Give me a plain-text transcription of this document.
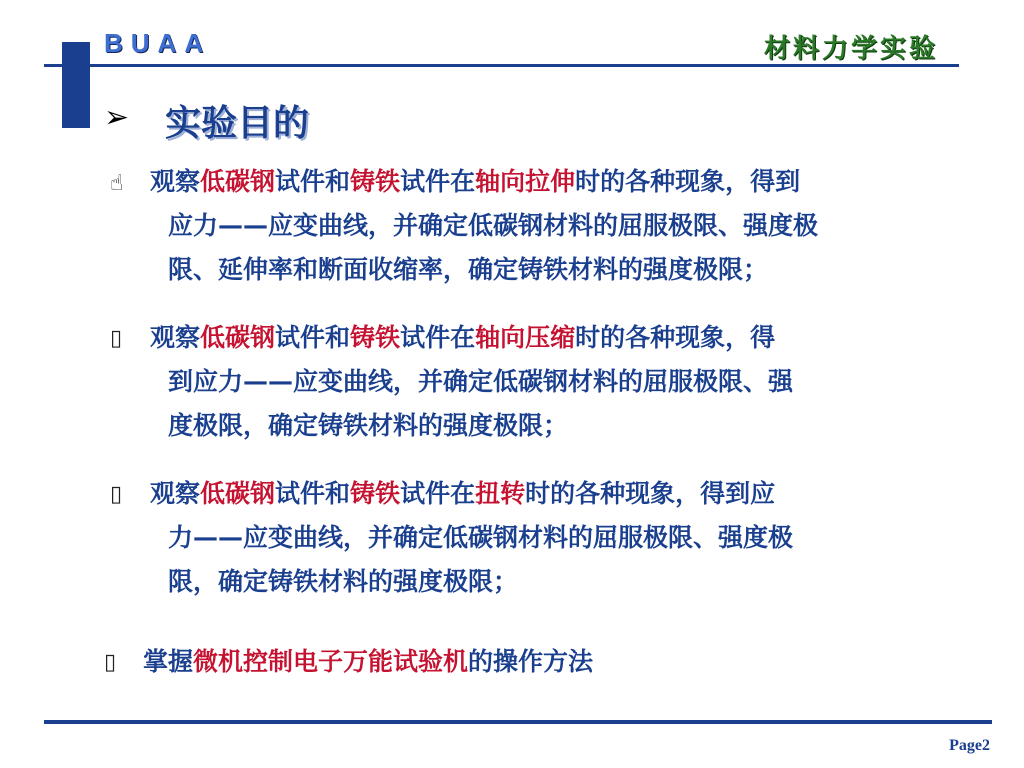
BUAA	材料力学实验
➢ 实验目的
☝ 观察低碳钢试件和铸铁试件在轴向拉伸时的各种现象，得到
应力——应变曲线，并确定低碳钢材料的屈服极限、强度极
限、延伸率和断面收缩率，确定铸铁材料的强度极限；
▯ 观察低碳钢试件和铸铁试件在轴向压缩时的各种现象，得
到应力——应变曲线，并确定低碳钢材料的屈服极限、强
度极限，确定铸铁材料的强度极限；
▯ 观察低碳钢试件和铸铁试件在扭转时的各种现象，得到应
力——应变曲线，并确定低碳钢材料的屈服极限、强度极
限，确定铸铁材料的强度极限；
▯ 掌握微机控制电子万能试验机的操作方法
Page2
